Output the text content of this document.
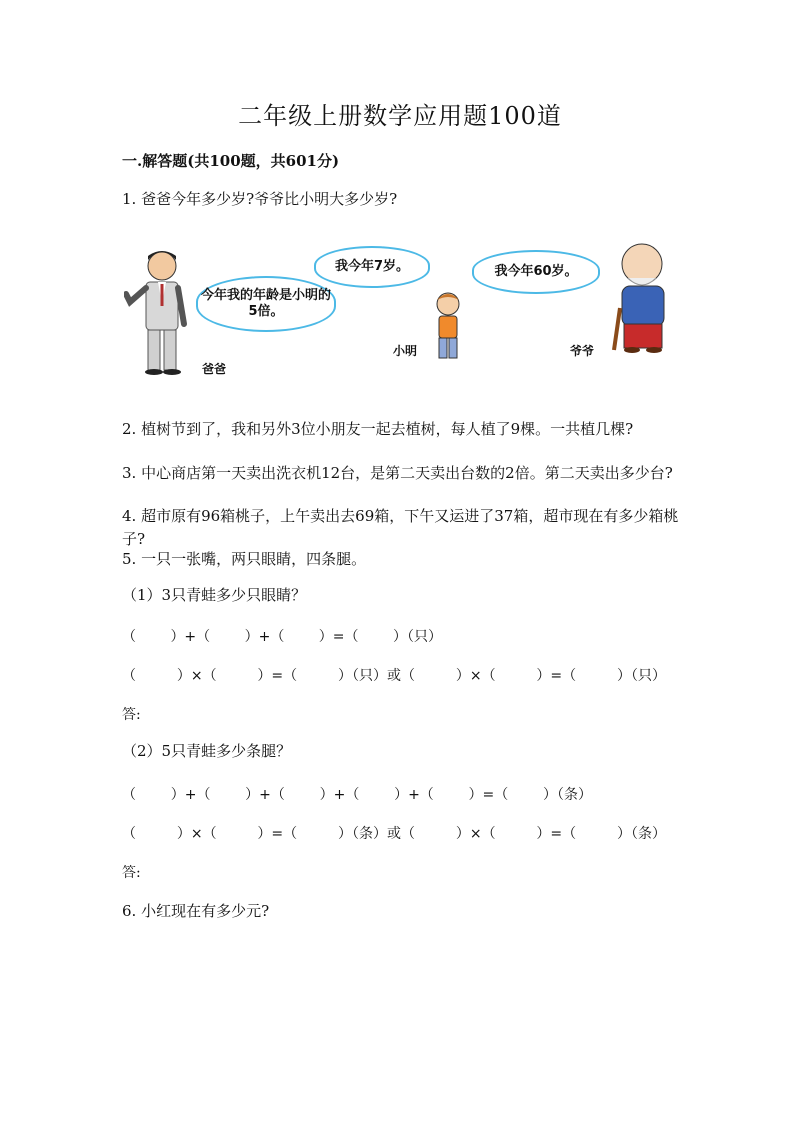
二年级上册数学应用题100道
一.解答题(共100题，共601分)
1. 爸爸今年多少岁?爷爷比小明大多少岁?
今年我的年龄是小明的5倍。
我今年7岁。	我今年60岁。
爸爸
小明	爷爷
2. 植树节到了，我和另外3位小朋友一起去植树，每人植了9棵。一共植几棵?
3. 中心商店第一天卖出洗衣机12台，是第二天卖出台数的2倍。第二天卖出多少台?
4. 超市原有96箱桃子，上午卖出去69箱，下午又运进了37箱，超市现在有多少箱桃子?
5. 一只一张嘴，两只眼睛，四条腿。
（1）3只青蛙多少只眼睛？
（ ）+（ ）+（ ）=（ ）（只）
（	）×（	）=（	）（只）或（	）×（	）=（	）（只）
答:
（2）5只青蛙多少条腿？
（ ）+（ ）+（ ）+（ ）+（ ）=（ ）（条）
（	）×（	）=（	）（条）或（	）×（	）=（	）（条）
答:
6. 小红现在有多少元?
